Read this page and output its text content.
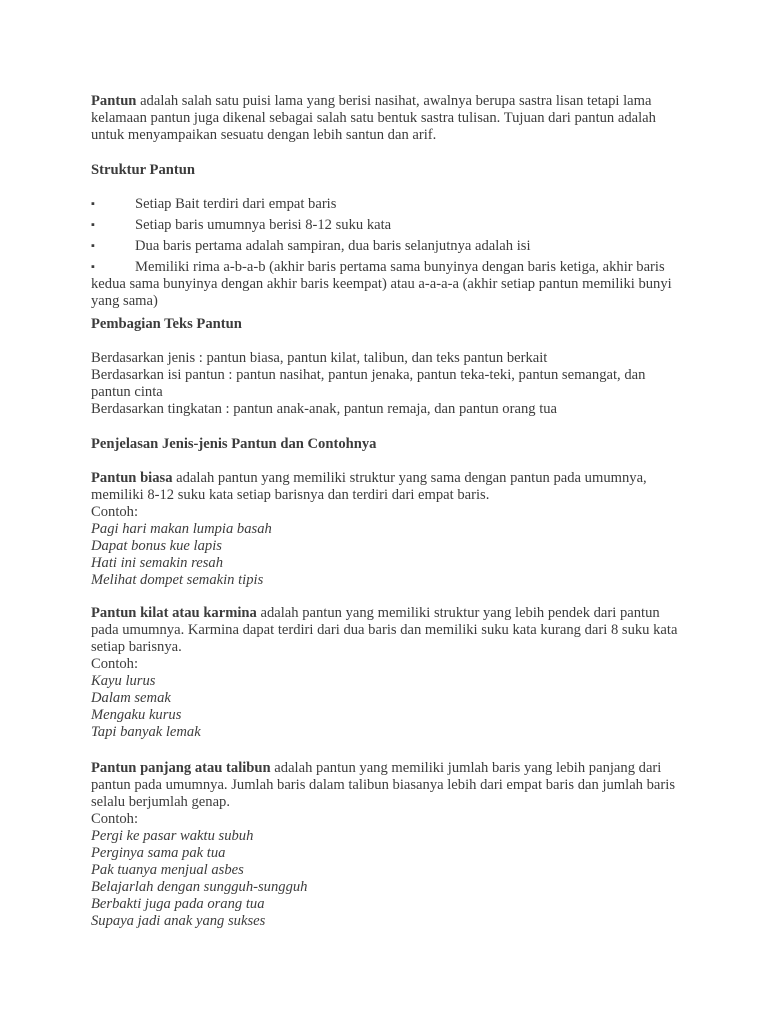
Pantun adalah salah satu puisi lama yang berisi nasihat, awalnya berupa sastra lisan tetapi lama
kelamaan pantun juga dikenal sebagai salah satu bentuk sastra tulisan. Tujuan dari pantun adalah
untuk menyampaikan sesuatu dengan lebih santun dan arif.
Struktur Pantun
▪	Setiap Bait terdiri dari empat baris
▪	Setiap baris umumnya berisi 8-12 suku kata
▪	Dua baris pertama adalah sampiran, dua baris selanjutnya adalah isi
▪	Memiliki rima a-b-a-b (akhir baris pertama sama bunyinya dengan baris ketiga, akhir baris
kedua sama bunyinya dengan akhir baris keempat) atau a-a-a-a (akhir setiap pantun memiliki bunyi
yang sama)
Pembagian Teks Pantun
Berdasarkan jenis : pantun biasa, pantun kilat, talibun, dan teks pantun berkait
Berdasarkan isi pantun : pantun nasihat, pantun jenaka, pantun teka-teki, pantun semangat, dan
pantun cinta
Berdasarkan tingkatan : pantun anak-anak, pantun remaja, dan pantun orang tua
Penjelasan Jenis-jenis Pantun dan Contohnya
Pantun biasa adalah pantun yang memiliki struktur yang sama dengan pantun pada umumnya,
memiliki 8-12 suku kata setiap barisnya dan terdiri dari empat baris.
Contoh:
Pagi hari makan lumpia basah
Dapat bonus kue lapis
Hati ini semakin resah
Melihat dompet semakin tipis
Pantun kilat atau karmina adalah pantun yang memiliki struktur yang lebih pendek dari pantun
pada umumnya. Karmina dapat terdiri dari dua baris dan memiliki suku kata kurang dari 8 suku kata
setiap barisnya.
Contoh:
Kayu lurus
Dalam semak
Mengaku kurus
Tapi banyak lemak
Pantun panjang atau talibun adalah pantun yang memiliki jumlah baris yang lebih panjang dari
pantun pada umumnya. Jumlah baris dalam talibun biasanya lebih dari empat baris dan jumlah baris
selalu berjumlah genap.
Contoh:
Pergi ke pasar waktu subuh
Perginya sama pak tua
Pak tuanya menjual asbes
Belajarlah dengan sungguh-sungguh
Berbakti juga pada orang tua
Supaya jadi anak yang sukses
